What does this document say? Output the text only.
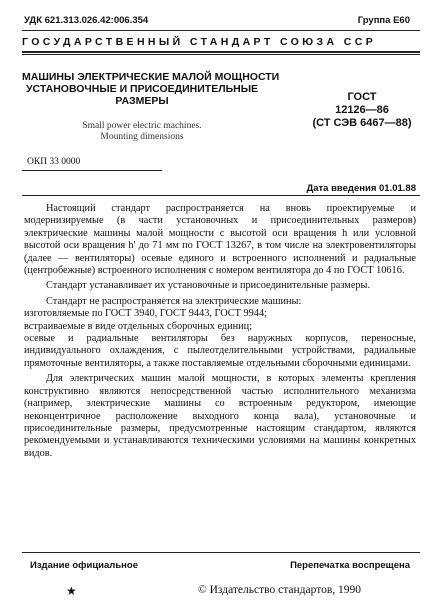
УДК 621.313.026.42:006.354	Группа Е60
ГОСУДАРСТВЕННЫЙ СТАНДАРТ СОЮЗА ССР
МАШИНЫ ЭЛЕКТРИЧЕСКИЕ МАЛОЙ МОЩНОСТИ
УСТАНОВОЧНЫЕ И ПРИСОЕДИНИТЕЛЬНЫЕ
РАЗМЕРЫ	ГОСТ
12126—86
(СТ СЭВ 6467—88)
Small power electric machines.
Mounting dimensions
ОКП 33 0000
Дата введения 01.01.88

Настоящий стандарт распространяется на вновь проектируемые и модернизируемые (в части установочных и присоединительных размеров) электрические машины малой мощности с высотой оси вращения h или условной высотой оси вращения h' до 71 мм по ГОСТ 13267, в том числе на электровентиляторы (далее — вентиляторы) осевые единого и встроенного исполнений и радиальные (центробежные) встроенного исполнения с номером вентилятора до 4 по ГОСТ 10616.

Стандарт устанавливает их установочные и присоединительные размеры.

Стандарт не распространяется на электрические машины:

изготовляемые по ГОСТ 3940, ГОСТ 9443, ГОСТ 9944;

встраиваемые в виде отдельных сборочных единиц;

осевые и радиальные вентиляторы без наружных корпусов, переносные, индивидуального охлаждения, с пылеотделительными устройствами, радиальные прямоточные вентиляторы, а также поставляемые отдельными сборочными единицами.

Для электрических машин малой мощности, в которых элементы крепления конструктивно являются непосредственной частью исполнительного механизма (например, электрические машины со встроенным редуктором, имеющие неконцентричное расположение выходного конца вала), установочные и присоединительные размеры, предусмотренные настоящим стандартом, являются рекомендуемыми и устанавливаются техническими условиями на машины конкретных видов.

Издание официальное	Перепечатка воспрещена
★	© Издательство стандартов, 1990
